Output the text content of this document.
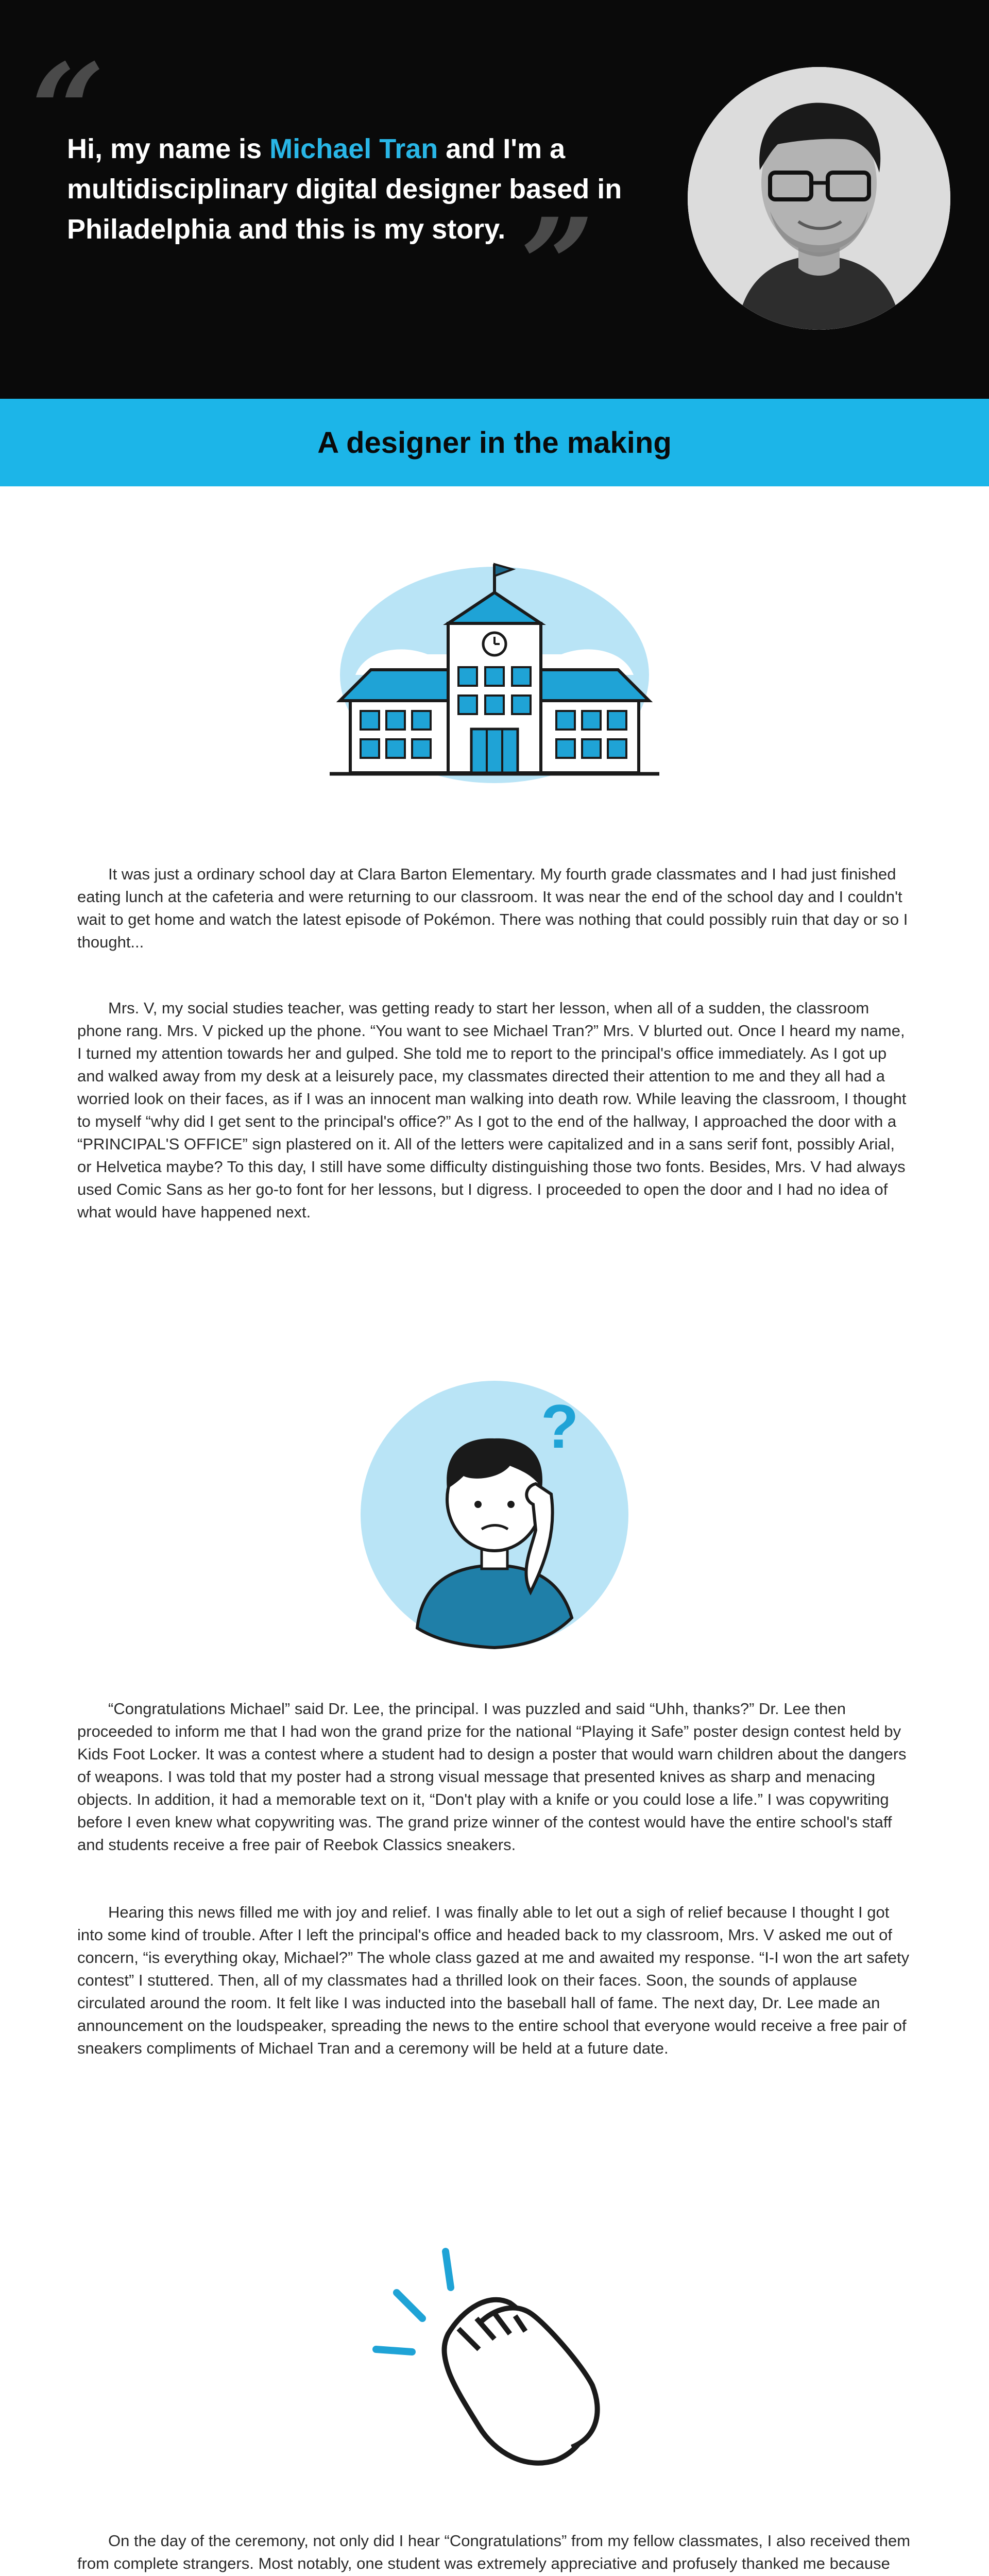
“
”

Hi, my name is Michael Tran and I'm a multidisciplinary digital designer based in Philadelphia and this is my story.

A designer in the making

It was just a ordinary school day at Clara Barton Elementary. My fourth grade classmates and I had just finished eating lunch at the cafeteria and were returning to our classroom. It was near the end of the school day and I couldn't wait to get home and watch the latest episode of Pokémon. There was nothing that could possibly ruin that day or so I thought...

Mrs. V, my social studies teacher, was getting ready to start her lesson, when all of a sudden, the classroom phone rang. Mrs. V picked up the phone. “You want to see Michael Tran?” Mrs. V blurted out. Once I heard my name, I turned my attention towards her and gulped. She told me to report to the principal's office immediately. As I got up and walked away from my desk at a leisurely pace, my classmates directed their attention to me and they all had a worried look on their faces, as if I was an innocent man walking into death row. While leaving the classroom, I thought to myself “why did I get sent to the principal's office?” As I got to the end of the hallway, I approached the door with a “PRINCIPAL'S OFFICE” sign plastered on it. All of the letters were capitalized and in a sans serif font, possibly Arial, or Helvetica maybe? To this day, I still have some difficulty distinguishing those two fonts. Besides, Mrs. V had always used Comic Sans as her go-to font for her lessons, but I digress. I proceeded to open the door and I had no idea of what would have happened next.

?

“Congratulations Michael” said Dr. Lee, the principal. I was puzzled and said “Uhh, thanks?” Dr. Lee then proceeded to inform me that I had won the grand prize for the national “Playing it Safe” poster design contest held by Kids Foot Locker. It was a contest where a student had to design a poster that would warn children about the dangers of weapons. I was told that my poster had a strong visual message that presented knives as sharp and menacing objects. In addition, it had a memorable text on it, “Don't play with a knife or you could lose a life.” I was copywriting before I even knew what copywriting was. The grand prize winner of the contest would have the entire school's staff and students receive a free pair of Reebok Classics sneakers.

Hearing this news filled me with joy and relief. I was finally able to let out a sigh of relief because I thought I got into some kind of trouble. After I left the principal's office and headed back to my classroom, Mrs. V asked me out of concern, “is everything okay, Michael?” The whole class gazed at me and awaited my response. “I-I won the art safety contest” I stuttered. Then, all of my classmates had a thrilled look on their faces. Soon, the sounds of applause circulated around the room. It felt like I was inducted into the baseball hall of fame. The next day, Dr. Lee made an announcement on the loudspeaker, spreading the news to the entire school that everyone would receive a free pair of sneakers compliments of Michael Tran and a ceremony will be held at a future date.

On the day of the ceremony, not only did I hear “Congratulations” from my fellow classmates, I also received them from complete strangers. Most notably, one student was extremely appreciative and profusely thanked me because
